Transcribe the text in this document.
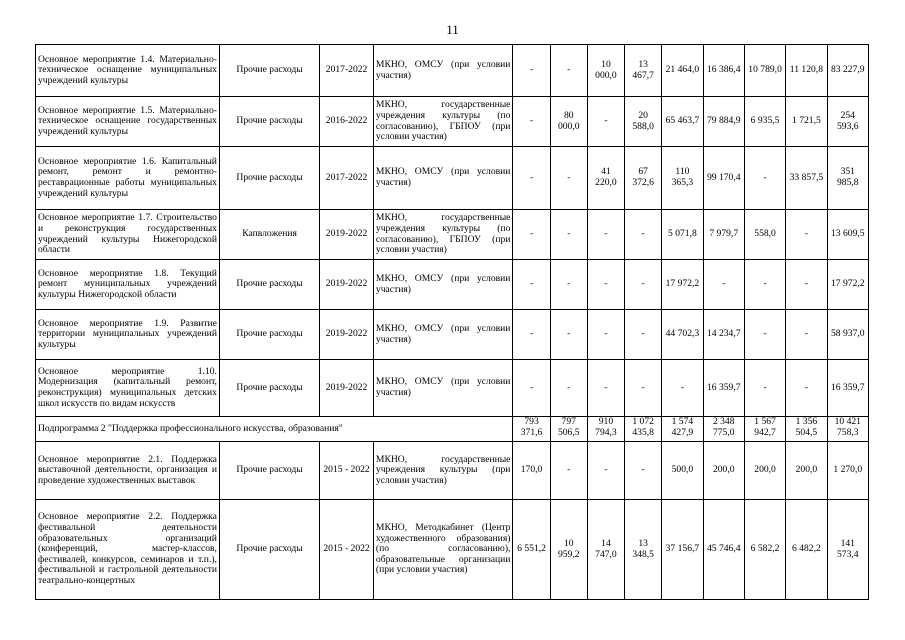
11
Основное мероприятие 1.4. Материально-техническое оснащение муниципальных учреждений культуры	Прочие расходы	2017-2022	МКНО, ОМСУ (при условии участия)	-	-	10 000,0	13 467,7	21 464,0	16 386,4	10 789,0	11 120,8	83 227,9
Основное мероприятие 1.5. Материально-техническое оснащение государственных учреждений культуры	Прочие расходы	2016-2022	МКНО, государственные учреждения культуры (по согласованию), ГБПОУ (при условии участия)	-	80 000,0	-	20 588,0	65 463,7	79 884,9	6 935,5	1 721,5	254 593,6
Основное мероприятие 1.6. Капитальный ремонт, ремонт и ремонтно-реставрационные работы муниципальных учреждений культуры	Прочие расходы	2017-2022	МКНО, ОМСУ (при условии участия)	-	-	41 220,0	67 372,6	110 365,3	99 170,4	-	33 857,5	351 985,8
Основное мероприятие 1.7. Строительство и реконструкция государственных учреждений культуры Нижегородской области	Капвложения	2019-2022	МКНО, государственные учреждения культуры (по согласованию), ГБПОУ (при условии участия)	-	-	-	-	5 071,8	7 979,7	558,0	-	13 609,5
Основное мероприятие 1.8. Текущий ремонт муниципальных учреждений культуры Нижегородской области	Прочие расходы	2019-2022	МКНО, ОМСУ (при условии участия)	-	-	-	-	17 972,2	-	-	-	17 972,2
Основное мероприятие 1.9. Развитие территории муниципальных учреждений культуры	Прочие расходы	2019-2022	МКНО, ОМСУ (при условии участия)	-	-	-	-	44 702,3	14 234,7	-	-	58 937,0
Основное мероприятие 1.10. Модернизация (капитальный ремонт, реконструкция) муниципальных детских школ искусств по видам искусств	Прочие расходы	2019-2022	МКНО, ОМСУ (при условии участия)	-	-	-	-	-	16 359,7	-	-	16 359,7
Подпрограмма 2 "Поддержка профессионального искусства, образования"				793 371,6	797 506,5	910 794,3	1 072 435,8	1 574 427,9	2 348 775,0	1 567 942,7	1 356 504,5	10 421 758,3
Основное мероприятие 2.1. Поддержка выставочной деятельности, организация и проведение художественных выставок	Прочие расходы	2015 - 2022	МКНО, государственные учреждения культуры (при условии участия)	170,0	-	-	-	500,0	200,0	200,0	200,0	1 270,0
Основное мероприятие 2.2. Поддержка фестивальной деятельности образовательных организаций (конференций, мастер-классов, фестивалей, конкурсов, семинаров и т.п.), фестивальной и гастрольной деятельности театрально-концертных	Прочие расходы	2015 - 2022	МКНО, Методкабинет (Центр художественного образования) (по согласованию), образовательные организации (при условии участия)	6 551,2	10 959,2	14 747,0	13 348,5	37 156,7	45 746,4	6 582,2	6 482,2	141 573,4
